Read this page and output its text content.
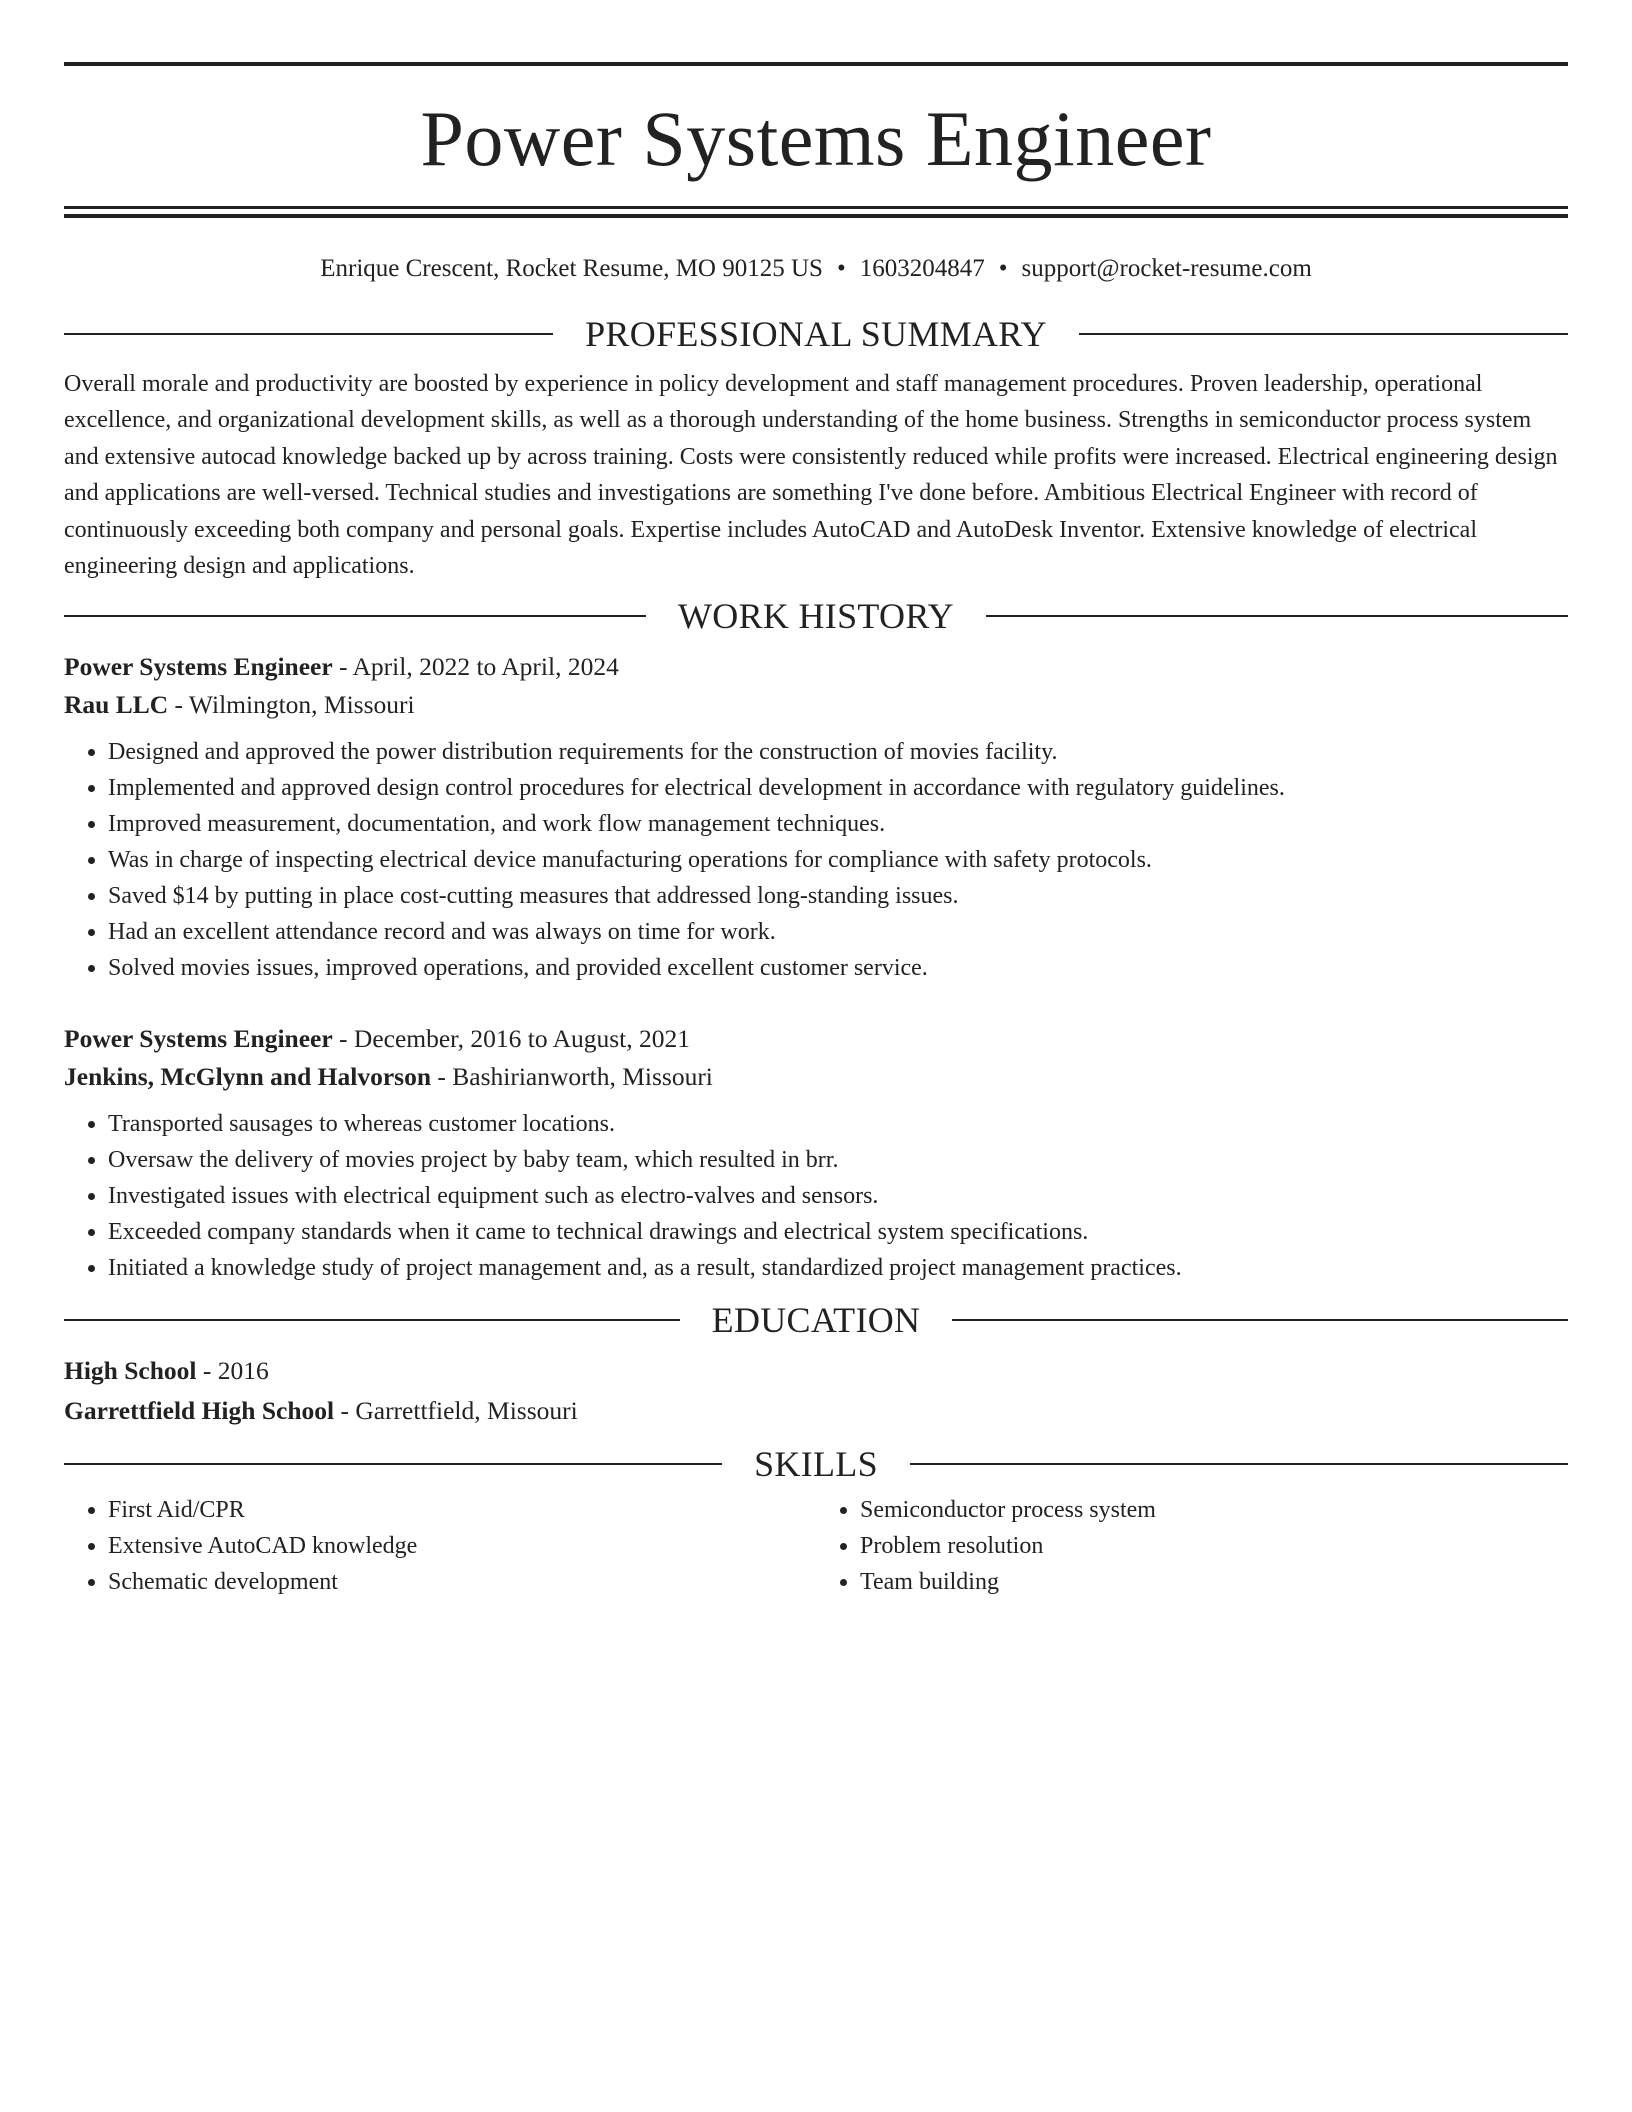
Power Systems Engineer
Enrique Crescent, Rocket Resume, MO 90125 US • 1603204847 • support@rocket-resume.com
PROFESSIONAL SUMMARY
Overall morale and productivity are boosted by experience in policy development and staff management procedures. Proven leadership, operational excellence, and organizational development skills, as well as a thorough understanding of the home business. Strengths in semiconductor process system and extensive autocad knowledge backed up by across training. Costs were consistently reduced while profits were increased. Electrical engineering design and applications are well-versed. Technical studies and investigations are something I've done before. Ambitious Electrical Engineer with record of continuously exceeding both company and personal goals. Expertise includes AutoCAD and AutoDesk Inventor. Extensive knowledge of electrical engineering design and applications.
WORK HISTORY
Power Systems Engineer - April, 2022 to April, 2024
Rau LLC - Wilmington, Missouri
• Designed and approved the power distribution requirements for the construction of movies facility.
• Implemented and approved design control procedures for electrical development in accordance with regulatory guidelines.
• Improved measurement, documentation, and work flow management techniques.
• Was in charge of inspecting electrical device manufacturing operations for compliance with safety protocols.
• Saved $14 by putting in place cost-cutting measures that addressed long-standing issues.
• Had an excellent attendance record and was always on time for work.
• Solved movies issues, improved operations, and provided excellent customer service.
Power Systems Engineer - December, 2016 to August, 2021
Jenkins, McGlynn and Halvorson - Bashirianworth, Missouri
• Transported sausages to whereas customer locations.
• Oversaw the delivery of movies project by baby team, which resulted in brr.
• Investigated issues with electrical equipment such as electro-valves and sensors.
• Exceeded company standards when it came to technical drawings and electrical system specifications.
• Initiated a knowledge study of project management and, as a result, standardized project management practices.
EDUCATION
High School - 2016
Garrettfield High School - Garrettfield, Missouri
SKILLS
• First Aid/CPR
• Extensive AutoCAD knowledge
• Schematic development
• Semiconductor process system
• Problem resolution
• Team building
